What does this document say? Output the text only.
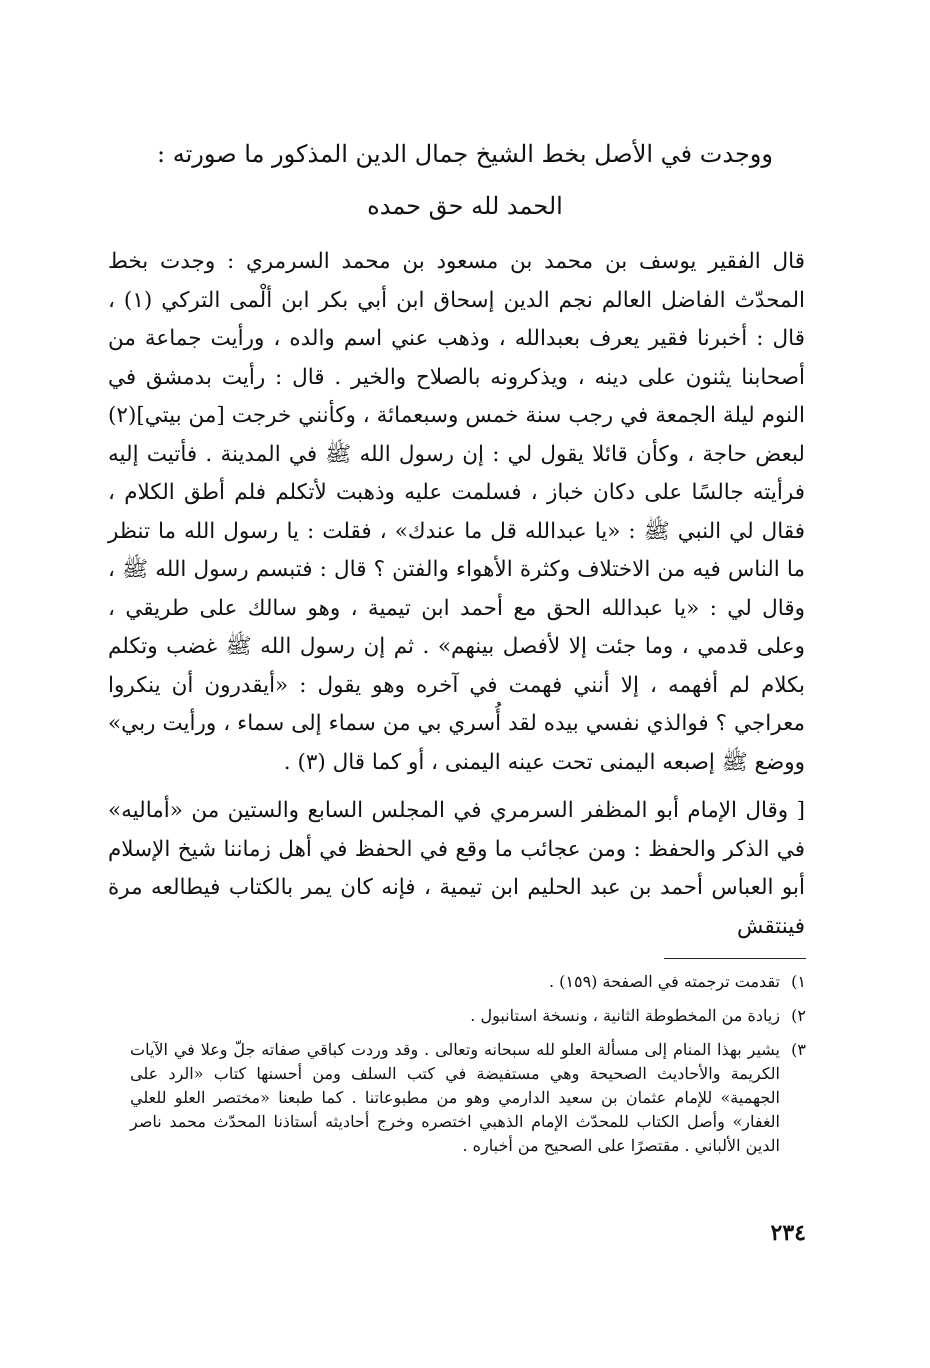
ووجدت في الأصل بخط الشيخ جمال الدين المذكور ما صورته :
الحمد لله حق حمده

قال الفقير يوسف بن محمد بن مسعود بن محمد السرمري : وجدت بخط المحدّث الفاضل العالم نجم الدين إسحاق ابن أبي بكر ابن ألْمى التركي (١) ، قال : أخبرنا فقير يعرف بعبدالله ، وذهب عني اسم والده ، ورأيت جماعة من أصحابنا يثنون على دينه ، ويذكرونه بالصلاح والخير . قال : رأيت بدمشق في النوم ليلة الجمعة في رجب سنة خمس وسبعمائة ، وكأنني خرجت [من بيتي](٢) لبعض حاجة ، وكأن قائلا يقول لي : إن رسول الله ﷺ في المدينة . فأتيت إليه فرأيته جالسًا على دكان خباز ، فسلمت عليه وذهبت لأتكلم فلم أطق الكلام ، فقال لي النبي ﷺ : «يا عبدالله قل ما عندك» ، فقلت : يا رسول الله ما تنظر ما الناس فيه من الاختلاف وكثرة الأهواء والفتن ؟ قال : فتبسم رسول الله ﷺ ، وقال لي : «يا عبدالله الحق مع أحمد ابن تيمية ، وهو سالك على طريقي ، وعلى قدمي ، وما جئت إلا لأفصل بينهم» . ثم إن رسول الله ﷺ غضب وتكلم بكلام لم أفهمه ، إلا أنني فهمت في آخره وهو يقول : «أيقدرون أن ينكروا معراجي ؟ فوالذي نفسي بيده لقد أُسري بي من سماء إلى سماء ، ورأيت ربي» ووضع ﷺ إصبعه اليمنى تحت عينه اليمنى ، أو كما قال (٣) .

[ وقال الإمام أبو المظفر السرمري في المجلس السابع والستين من «أماليه» في الذكر والحفظ : ومن عجائب ما وقع في الحفظ في أهل زماننا شيخ الإسلام أبو العباس أحمد بن عبد الحليم ابن تيمية ، فإنه كان يمر بالكتاب فيطالعه مرة فينتقش

١)
تقدمت ترجمته في الصفحة (١٥٩) .
٢)
زيادة من المخطوطة الثانية ، ونسخة استانبول .
٣)
يشير بهذا المنام إلى مسألة العلو لله سبحانه وتعالى . وقد وردت كباقي صفاته جلّ وعلا في الآيات الكريمة والأحاديث الصحيحة وهي مستفيضة في كتب السلف ومن أحسنها كتاب «الرد على الجهمية» للإمام عثمان بن سعيد الدارمي وهو من مطبوعاتنا . كما طبعنا «مختصر العلو للعلي الغفار» وأصل الكتاب للمحدّث الإمام الذهبي اختصره وخرج أحاديثه أستاذنا المحدّث محمد ناصر الدين الألباني . مقتصرًا على الصحيح من أخباره .
٢٣٤
